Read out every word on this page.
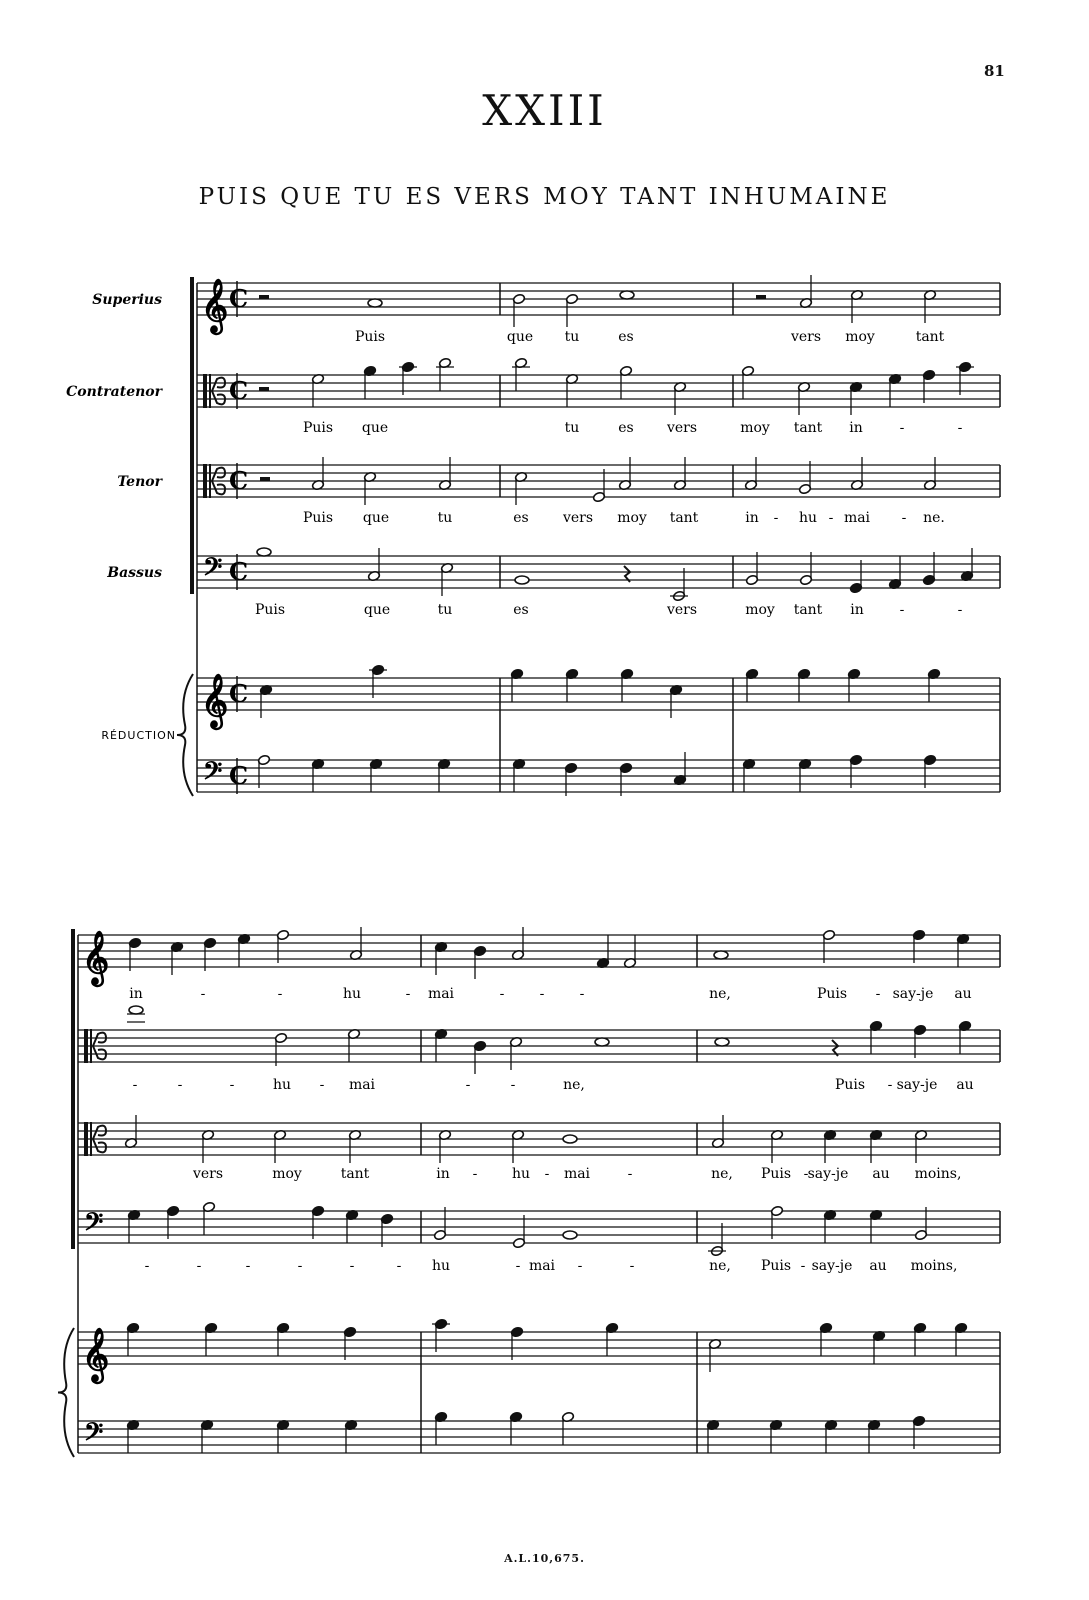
81
XXIII
PUIS QUE TU ES VERS MOY TANT INHUMAINE
𝄞 C
Superius
Puis	que tu	es	vers moy	tant
C
Contratenor
Puis que	tu	es vers	moy tant in	-	-
C
Tenor
Puis que	tu	es vers moy tant	in - hu - mai - ne.
𝄢 C
Bassus
Puis	que	tu	es	vers	moy tant in	-	-
𝄞 C
𝄢 C
RÉDUCTION
𝄞
in	-	-	hu	- mai	-	-	-	ne,	Puis - say-je au
-	-	-	hu - mai	-	-	ne,	Puis - say-je au
vers	moy	tant	in - hu - mai	-	ne, Puis - say-je au moins,
𝄢
-	-	-	-	-	- hu	- mai -	-	ne, Puis - say-je au moins,
𝄞
𝄢
A.L.10,675.
